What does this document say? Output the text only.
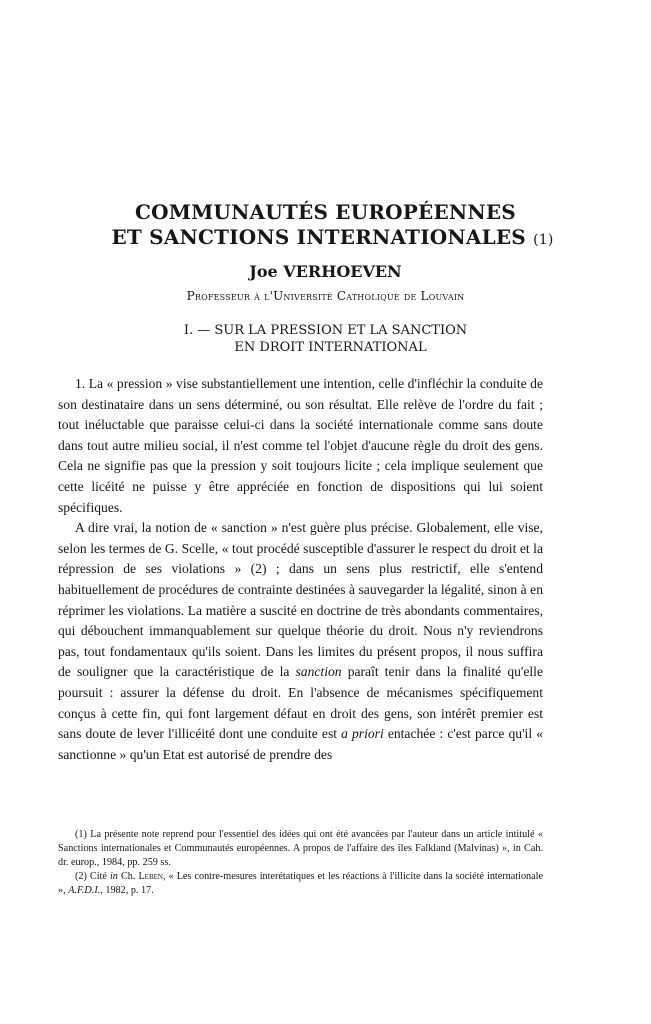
COMMUNAUTÉS EUROPÉENNES
ET SANCTIONS INTERNATIONALES (1)
Joe VERHOEVEN
Professeur à l'Université Catholique de Louvain
I. — SUR LA PRESSION ET LA SANCTION
EN DROIT INTERNATIONAL

1. La « pression » vise substantiellement une intention, celle d'infléchir la conduite de son destinataire dans un sens déterminé, ou son résultat. Elle relève de l'ordre du fait ; tout inéluctable que paraisse celui-ci dans la société internationale comme sans doute dans tout autre milieu social, il n'est comme tel l'objet d'aucune règle du droit des gens. Cela ne signifie pas que la pression y soit toujours licite ; cela implique seulement que cette licéité ne puisse y être appréciée en fonction de dispositions qui lui soient spécifiques.

A dire vrai, la notion de « sanction » n'est guère plus précise. Globalement, elle vise, selon les termes de G. Scelle, « tout procédé susceptible d'assurer le respect du droit et la répression de ses violations » (2) ; dans un sens plus restrictif, elle s'entend habituellement de procédures de contrainte destinées à sauvegarder la légalité, sinon à en réprimer les violations. La matière a suscité en doctrine de très abondants commentaires, qui débouchent immanquablement sur quelque théorie du droit. Nous n'y reviendrons pas, tout fondamentaux qu'ils soient. Dans les limites du présent propos, il nous suffira de souligner que la caractéristique de la sanction paraît tenir dans la finalité qu'elle poursuit : assurer la défense du droit. En l'absence de mécanismes spécifiquement conçus à cette fin, qui font largement défaut en droit des gens, son intérêt premier est sans doute de lever l'illicéité dont une conduite est a priori entachée : c'est parce qu'il « sanctionne » qu'un Etat est autorisé de prendre des

(1) La présente note reprend pour l'essentiel des idées qui ont été avancées par l'auteur dans un article intitulé « Sanctions internationales et Communautés européennes. A propos de l'affaire des îles Falkland (Malvinas) », in Cah. dr. europ., 1984, pp. 259 ss.

(2) Cité in Ch. Leben, « Les contre-mesures interétatiques et les réactions à l'illicite dans la société internationale », A.F.D.I., 1982, p. 17.
